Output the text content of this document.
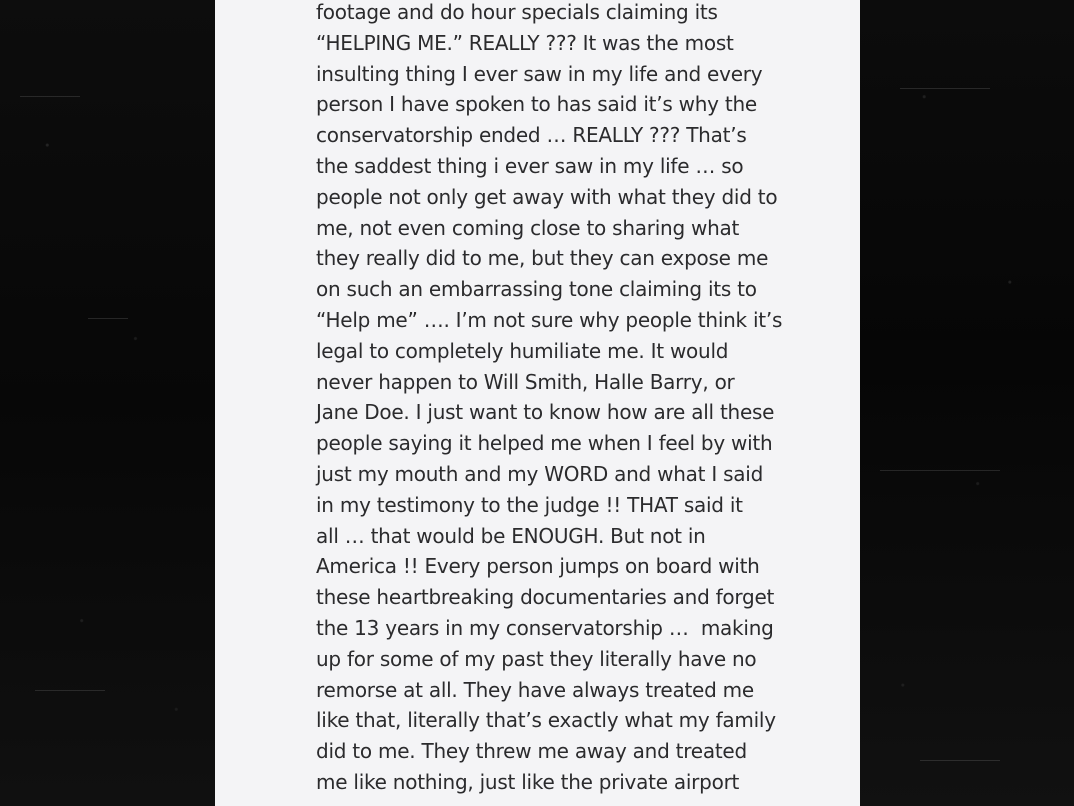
footage and do hour specials claiming its
“HELPING ME.” REALLY ??? It was the most
insulting thing I ever saw in my life and every
person I have spoken to has said it’s why the
conservatorship ended … REALLY ??? That’s
the saddest thing i ever saw in my life … so
people not only get away with what they did to
me, not even coming close to sharing what
they really did to me, but they can expose me
on such an embarrassing tone claiming its to
“Help me” …. I’m not sure why people think it’s
legal to completely humiliate me. It would
never happen to Will Smith, Halle Barry, or
Jane Doe. I just want to know how are all these
people saying it helped me when I feel by with
just my mouth and my WORD and what I said
in my testimony to the judge !! THAT said it
all … that would be ENOUGH. But not in
America !! Every person jumps on board with
these heartbreaking documentaries and forget
the 13 years in my conservatorship …  making
up for some of my past they literally have no
remorse at all. They have always treated me
like that, literally that’s exactly what my family
did to me. They threw me away and treated
me like nothing, just like the private airport
